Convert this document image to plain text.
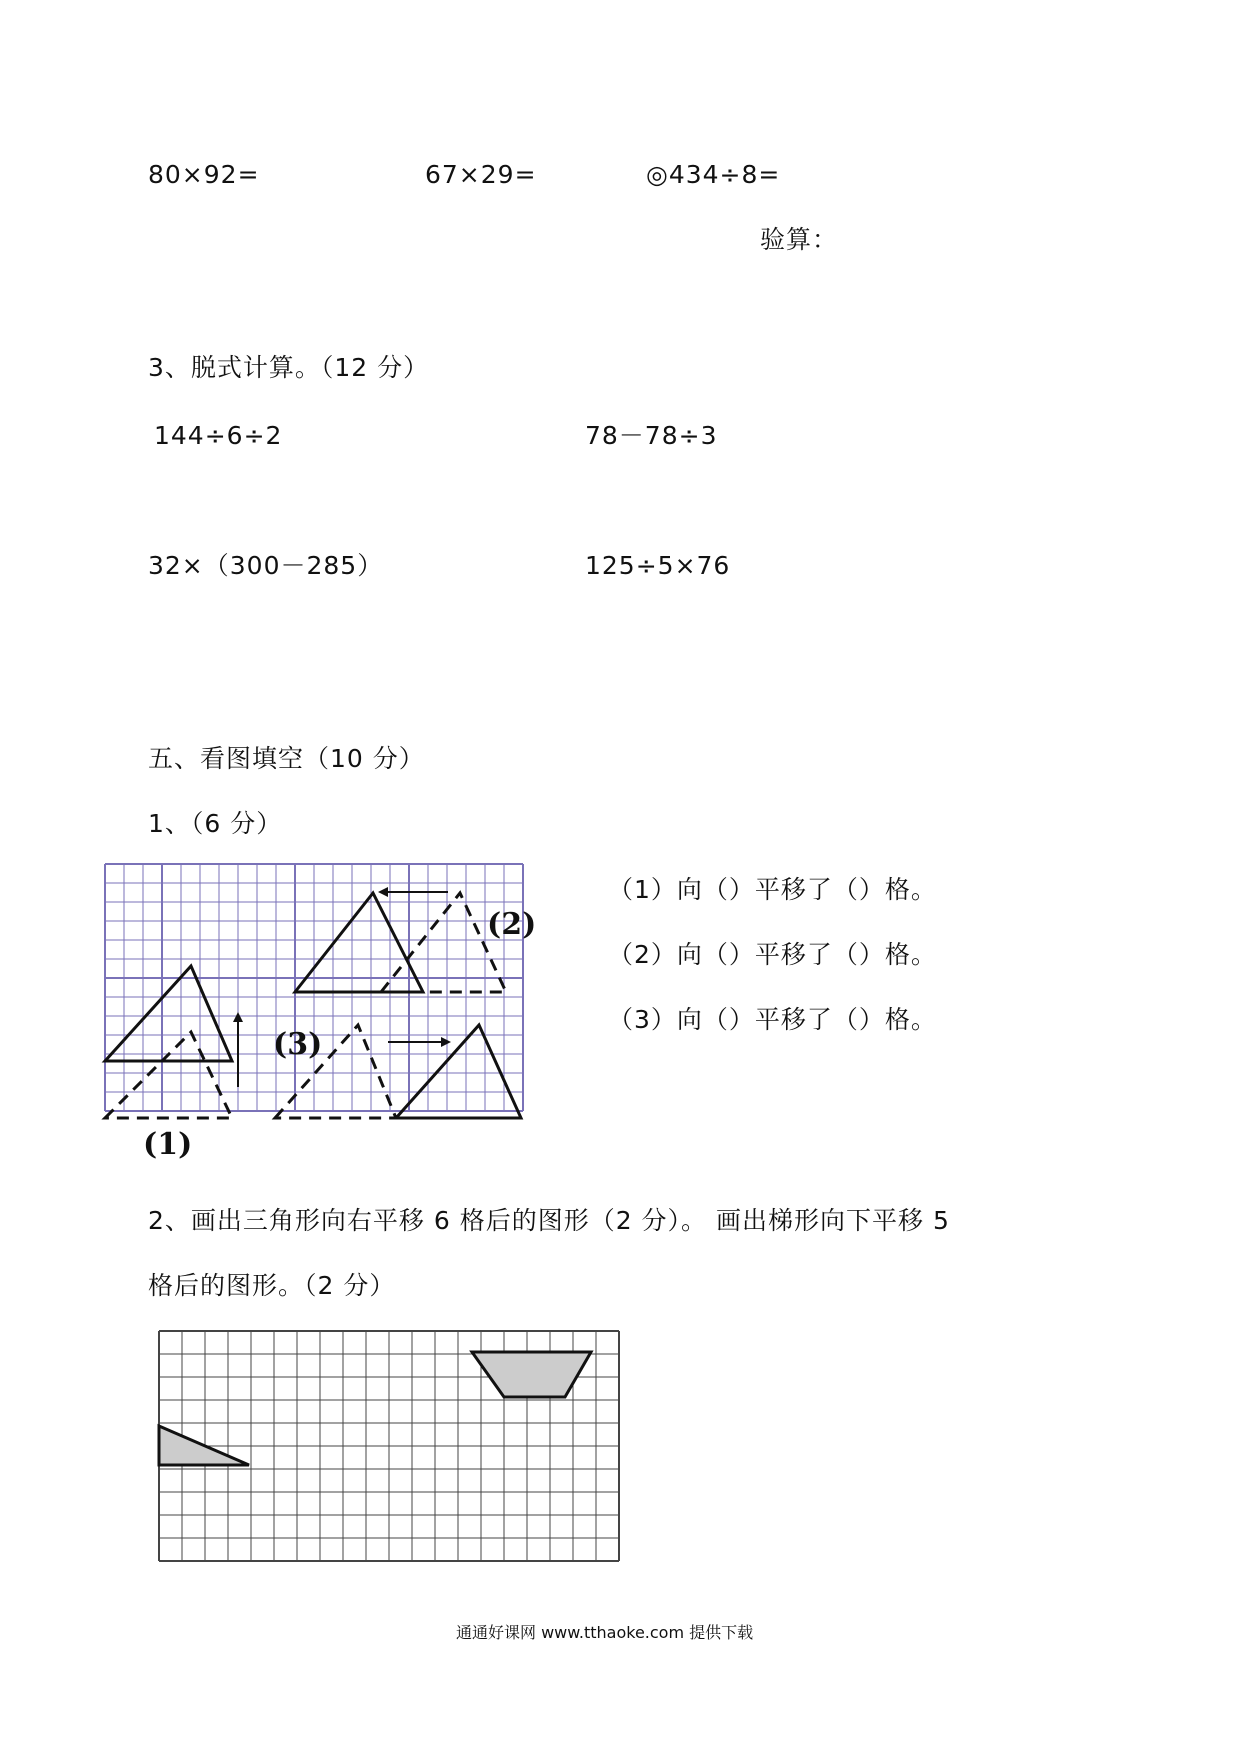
80×92=	67×29=	◎434÷8=
验算：
3、脱式计算。（12 分）
144÷6÷2	78－78÷3
32×（300－285）	125÷5×76
五、看图填空（10 分）
1、（6 分）
(2)
(3)
(1)
（1）向（）平移了（）格。
（2）向（）平移了（）格。
（3）向（）平移了（）格。
2、画出三角形向右平移 6 格后的图形（2 分）。 画出梯形向下平移 5
格后的图形。（2 分）
通通好课网 www.tthaoke.com 提供下载
